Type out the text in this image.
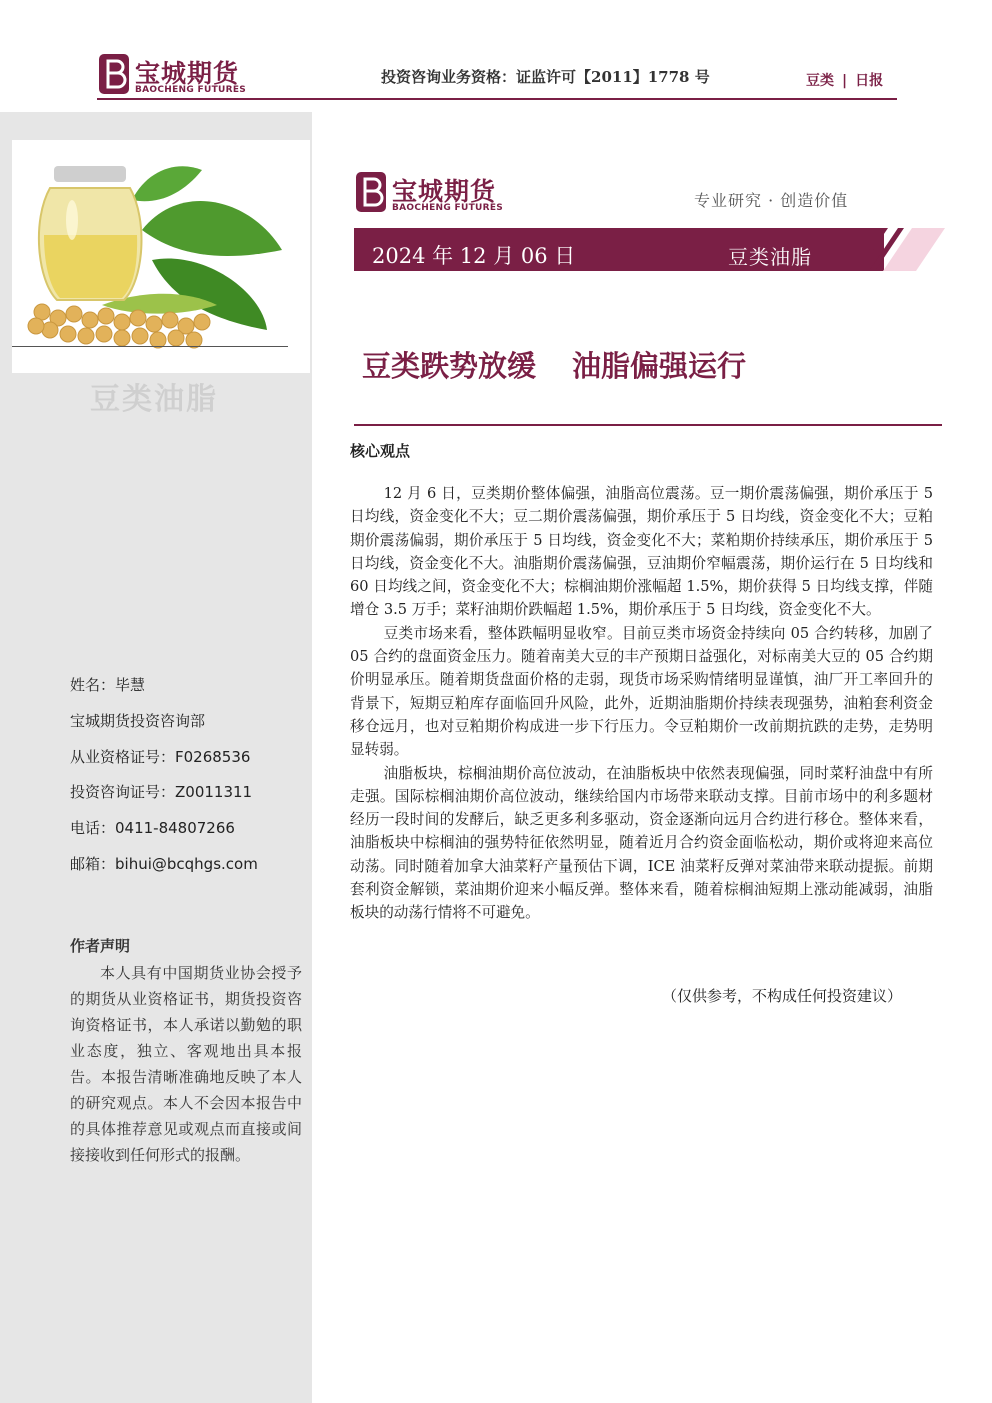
宝城期货
BAOCHENG FUTURES
投资咨询业务资格：证监许可【2011】1778 号	豆类 | 日报
豆类油脂
姓名：毕慧
宝城期货投资咨询部
从业资格证号：F0268536
投资咨询证号：Z0011311
电话：0411-84807266
邮箱：bihui@bcqhgs.com
作者声明
本人具有中国期货业协会授予的期货从业资格证书，期货投资咨询资格证书，本人承诺以勤勉的职业态度，独立、客观地出具本报告。本报告清晰准确地反映了本人的研究观点。本人不会因本报告中的具体推荐意见或观点而直接或间接接收到任何形式的报酬。
宝城期货
BAOCHENG FUTURES	专业研究 · 创造价值
2024 年 12 月 06 日	豆类油脂
豆类跌势放缓 油脂偏强运行
核心观点

12 月 6 日，豆类期价整体偏强，油脂高位震荡。豆一期价震荡偏强，期价承压于 5 日均线，资金变化不大；豆二期价震荡偏强，期价承压于 5 日均线，资金变化不大；豆粕期价震荡偏弱，期价承压于 5 日均线，资金变化不大；菜粕期价持续承压，期价承压于 5 日均线，资金变化不大。油脂期价震荡偏强，豆油期价窄幅震荡，期价运行在 5 日均线和 60 日均线之间，资金变化不大；棕榈油期价涨幅超 1.5%，期价获得 5 日均线支撑，伴随增仓 3.5 万手；菜籽油期价跌幅超 1.5%，期价承压于 5 日均线，资金变化不大。

豆类市场来看，整体跌幅明显收窄。目前豆类市场资金持续向 05 合约转移，加剧了 05 合约的盘面资金压力。随着南美大豆的丰产预期日益强化，对标南美大豆的 05 合约期价明显承压。随着期货盘面价格的走弱，现货市场采购情绪明显谨慎，油厂开工率回升的背景下，短期豆粕库存面临回升风险，此外，近期油脂期价持续表现强势，油粕套利资金移仓远月，也对豆粕期价构成进一步下行压力。令豆粕期价一改前期抗跌的走势，走势明显转弱。

油脂板块，棕榈油期价高位波动，在油脂板块中依然表现偏强，同时菜籽油盘中有所走强。国际棕榈油期价高位波动，继续给国内市场带来联动支撑。目前市场中的利多题材经历一段时间的发酵后，缺乏更多利多驱动，资金逐渐向远月合约进行移仓。整体来看，油脂板块中棕榈油的强势特征依然明显，随着近月合约资金面临松动，期价或将迎来高位动荡。同时随着加拿大油菜籽产量预估下调，ICE 油菜籽反弹对菜油带来联动提振。前期套利资金解锁，菜油期价迎来小幅反弹。整体来看，随着棕榈油短期上涨动能减弱，油脂板块的动荡行情将不可避免。

（仅供参考，不构成任何投资建议）
